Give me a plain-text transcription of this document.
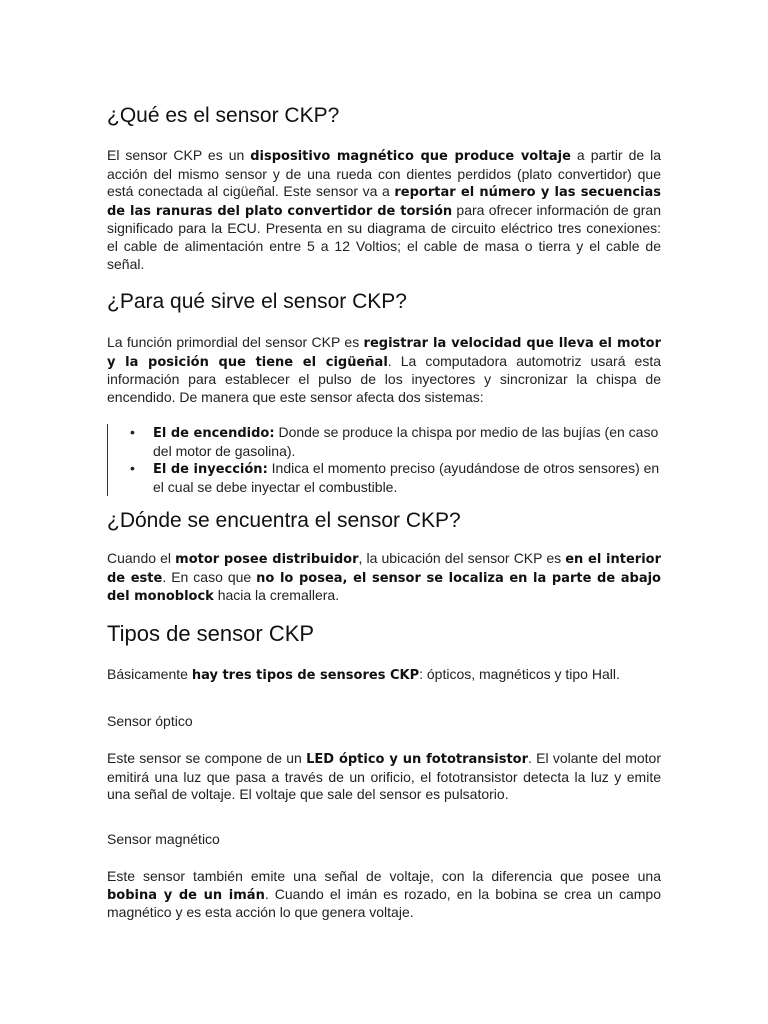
¿Qué es el sensor CKP?

El sensor CKP es un dispositivo magnético que produce voltaje a partir de la acción del mismo sensor y de una rueda con dientes perdidos (plato convertidor) que está conectada al cigüeñal. Este sensor va a reportar el número y las secuencias de las ranuras del plato convertidor de torsión para ofrecer información de gran significado para la ECU. Presenta en su diagrama de circuito eléctrico tres conexiones: el cable de alimentación entre 5 a 12 Voltios; el cable de masa o tierra y el cable de señal.

¿Para qué sirve el sensor CKP?

La función primordial del sensor CKP es registrar la velocidad que lleva el motor y la posición que tiene el cigüeñal. La computadora automotriz usará esta información para establecer el pulso de los inyectores y sincronizar la chispa de encendido. De manera que este sensor afecta dos sistemas:

• El de encendido: Donde se produce la chispa por medio de las bujías (en caso del motor de gasolina).
• El de inyección: Indica el momento preciso (ayudándose de otros sensores) en el cual se debe inyectar el combustible.
¿Dónde se encuentra el sensor CKP?

Cuando el motor posee distribuidor, la ubicación del sensor CKP es en el interior de este. En caso que no lo posea, el sensor se localiza en la parte de abajo del monoblock hacia la cremallera.

Tipos de sensor CKP

Básicamente hay tres tipos de sensores CKP: ópticos, magnéticos y tipo Hall.

Sensor óptico

Este sensor se compone de un LED óptico y un fototransistor. El volante del motor emitirá una luz que pasa a través de un orificio, el fototransistor detecta la luz y emite una señal de voltaje. El voltaje que sale del sensor es pulsatorio.

Sensor magnético

Este sensor también emite una señal de voltaje, con la diferencia que posee una bobina y de un imán. Cuando el imán es rozado, en la bobina se crea un campo magnético y es esta acción lo que genera voltaje.
